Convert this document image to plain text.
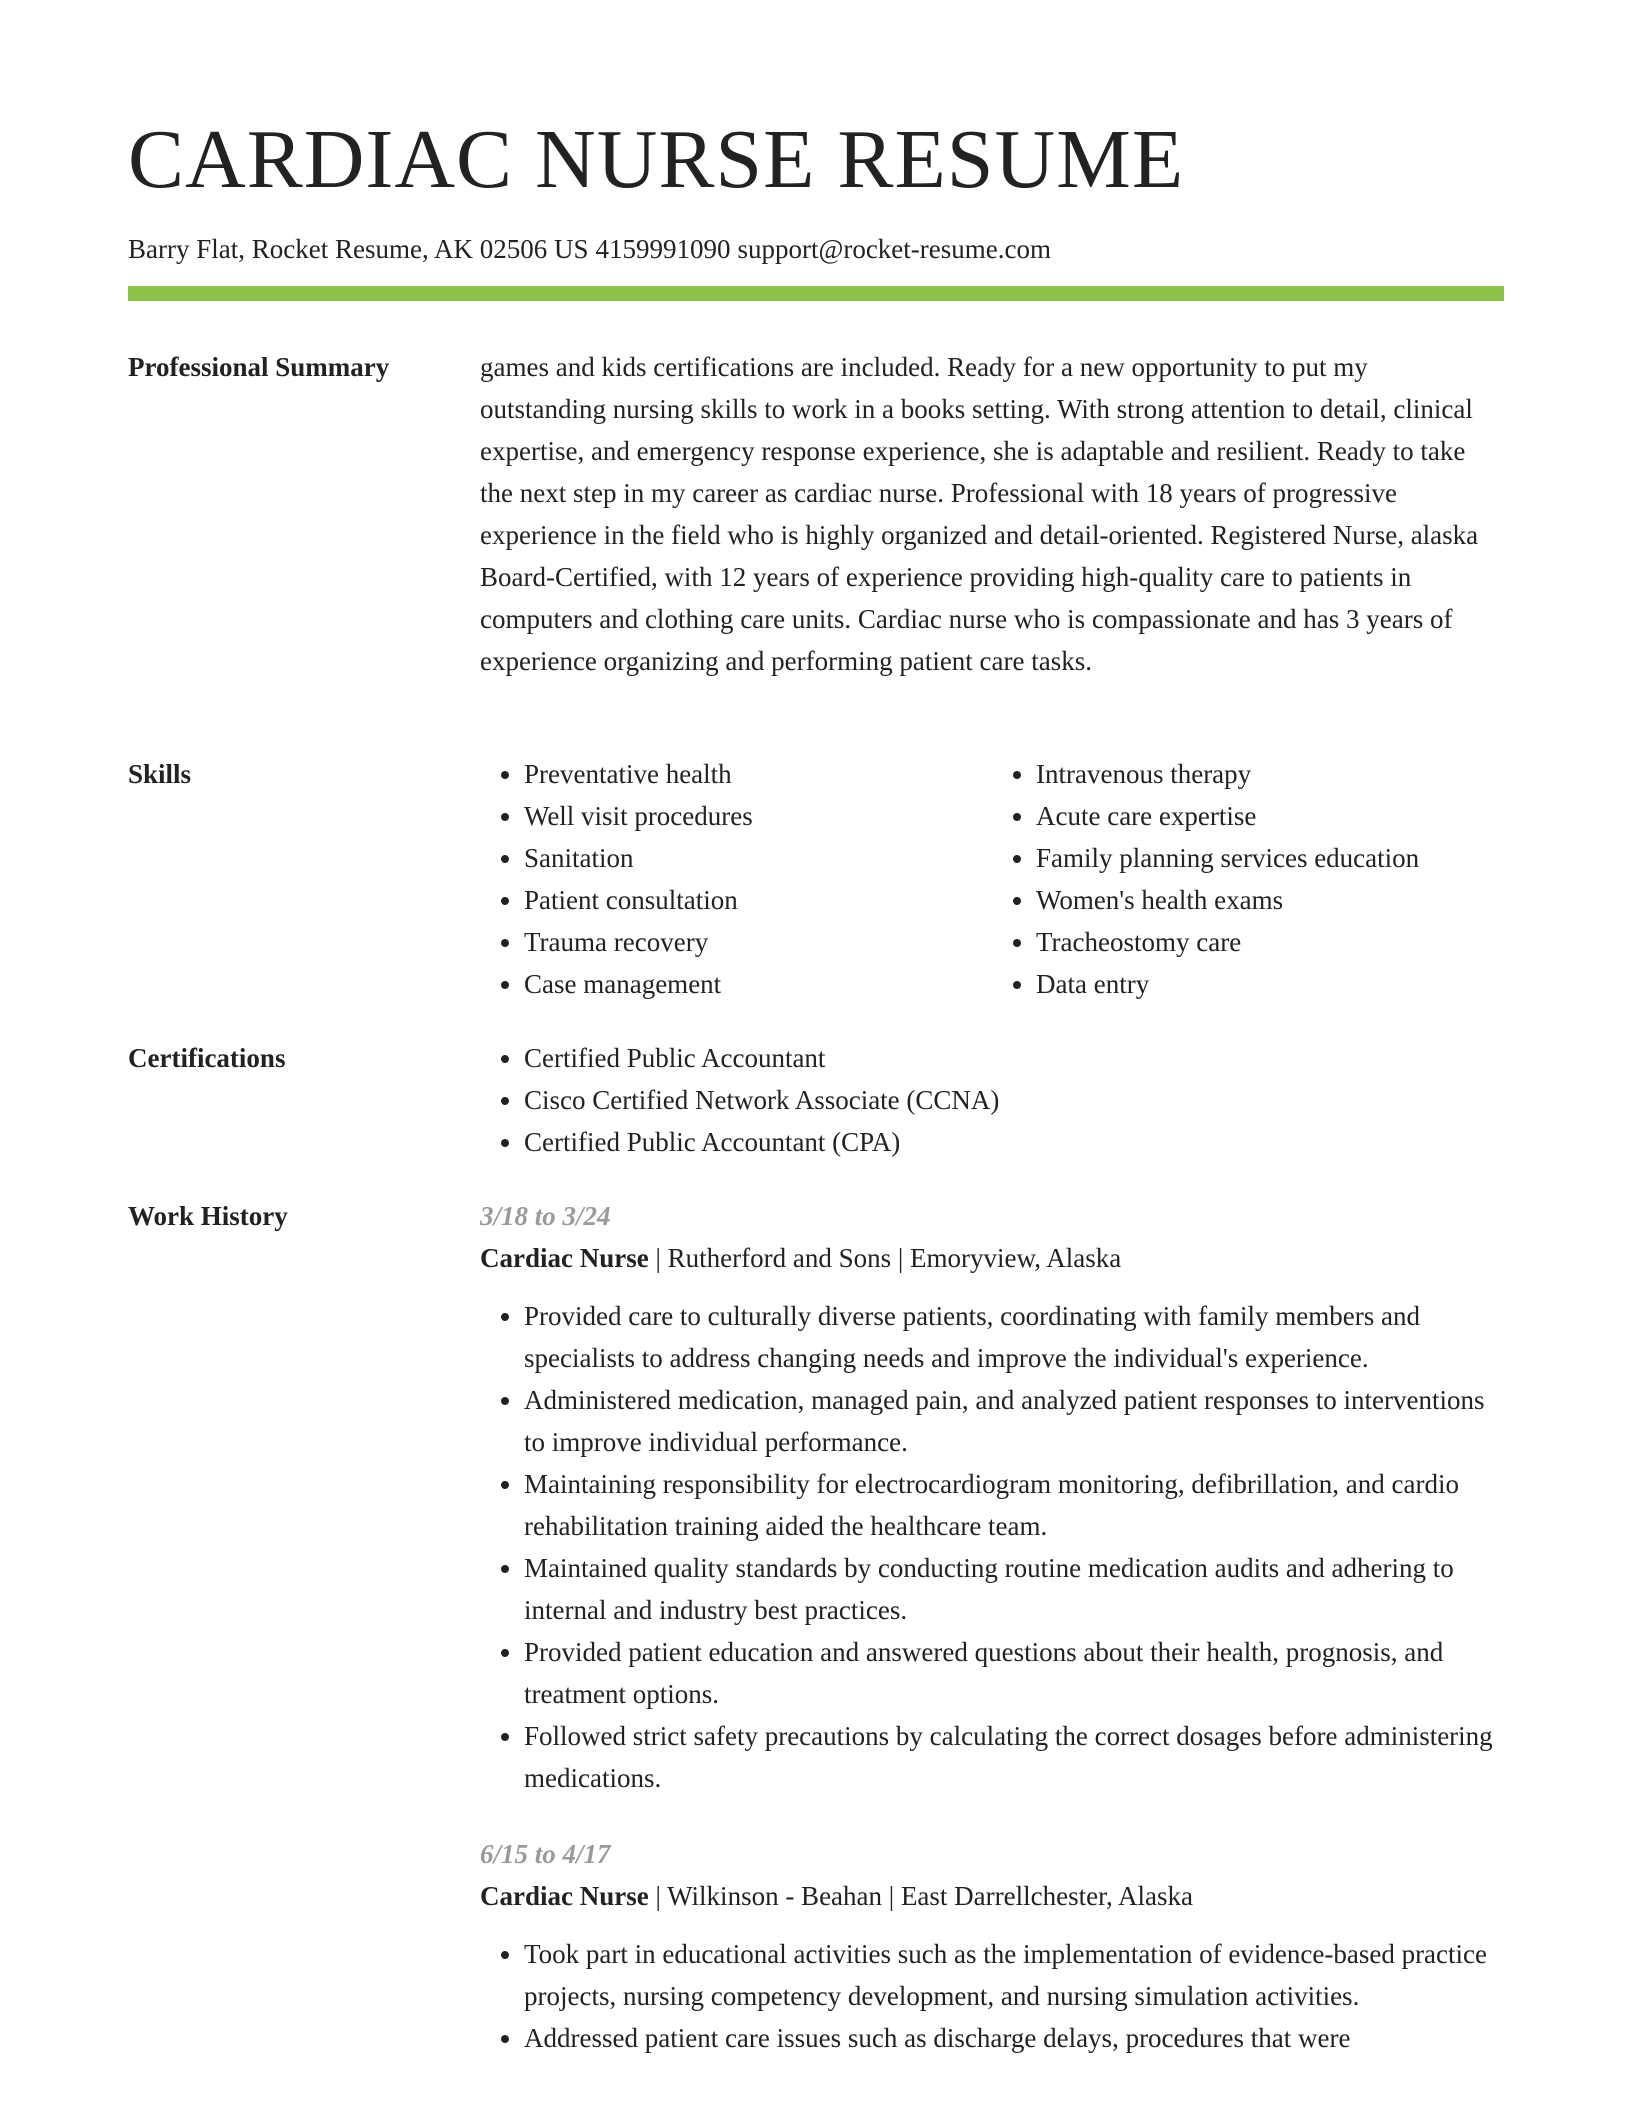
CARDIAC NURSE RESUME
Barry Flat, Rocket Resume, AK 02506 US 4159991090 support@rocket-resume.com
Professional Summary	games and kids certifications are included. Ready for a new opportunity to put my outstanding nursing skills to work in a books setting. With strong attention to detail, clinical expertise, and emergency response experience, she is adaptable and resilient. Ready to take the next step in my career as cardiac nurse. Professional with 18 years of progressive experience in the field who is highly organized and detail-oriented. Registered Nurse, alaska Board-Certified, with 12 years of experience providing high-quality care to patients in computers and clothing care units. Cardiac nurse who is compassionate and has 3 years of experience organizing and performing patient care tasks.

Skills	• Preventative health
• Well visit procedures
• Sanitation
• Patient consultation
• Trauma recovery
• Case management
• Intravenous therapy
• Acute care expertise
• Family planning services education
• Women's health exams
• Tracheostomy care
• Data entry
Certifications	• Certified Public Accountant
• Cisco Certified Network Associate (CCNA)
• Certified Public Accountant (CPA)
Work History	3/18 to 3/24
Cardiac Nurse | Rutherford and Sons | Emoryview, Alaska
• Provided care to culturally diverse patients, coordinating with family members and specialists to address changing needs and improve the individual's experience.
• Administered medication, managed pain, and analyzed patient responses to interventions to improve individual performance.
• Maintaining responsibility for electrocardiogram monitoring, defibrillation, and cardio rehabilitation training aided the healthcare team.
• Maintained quality standards by conducting routine medication audits and adhering to internal and industry best practices.
• Provided patient education and answered questions about their health, prognosis, and treatment options.
• Followed strict safety precautions by calculating the correct dosages before administering medications.
6/15 to 4/17
Cardiac Nurse | Wilkinson - Beahan | East Darrellchester, Alaska
• Took part in educational activities such as the implementation of evidence-based practice projects, nursing competency development, and nursing simulation activities.
• Addressed patient care issues such as discharge delays, procedures that were
